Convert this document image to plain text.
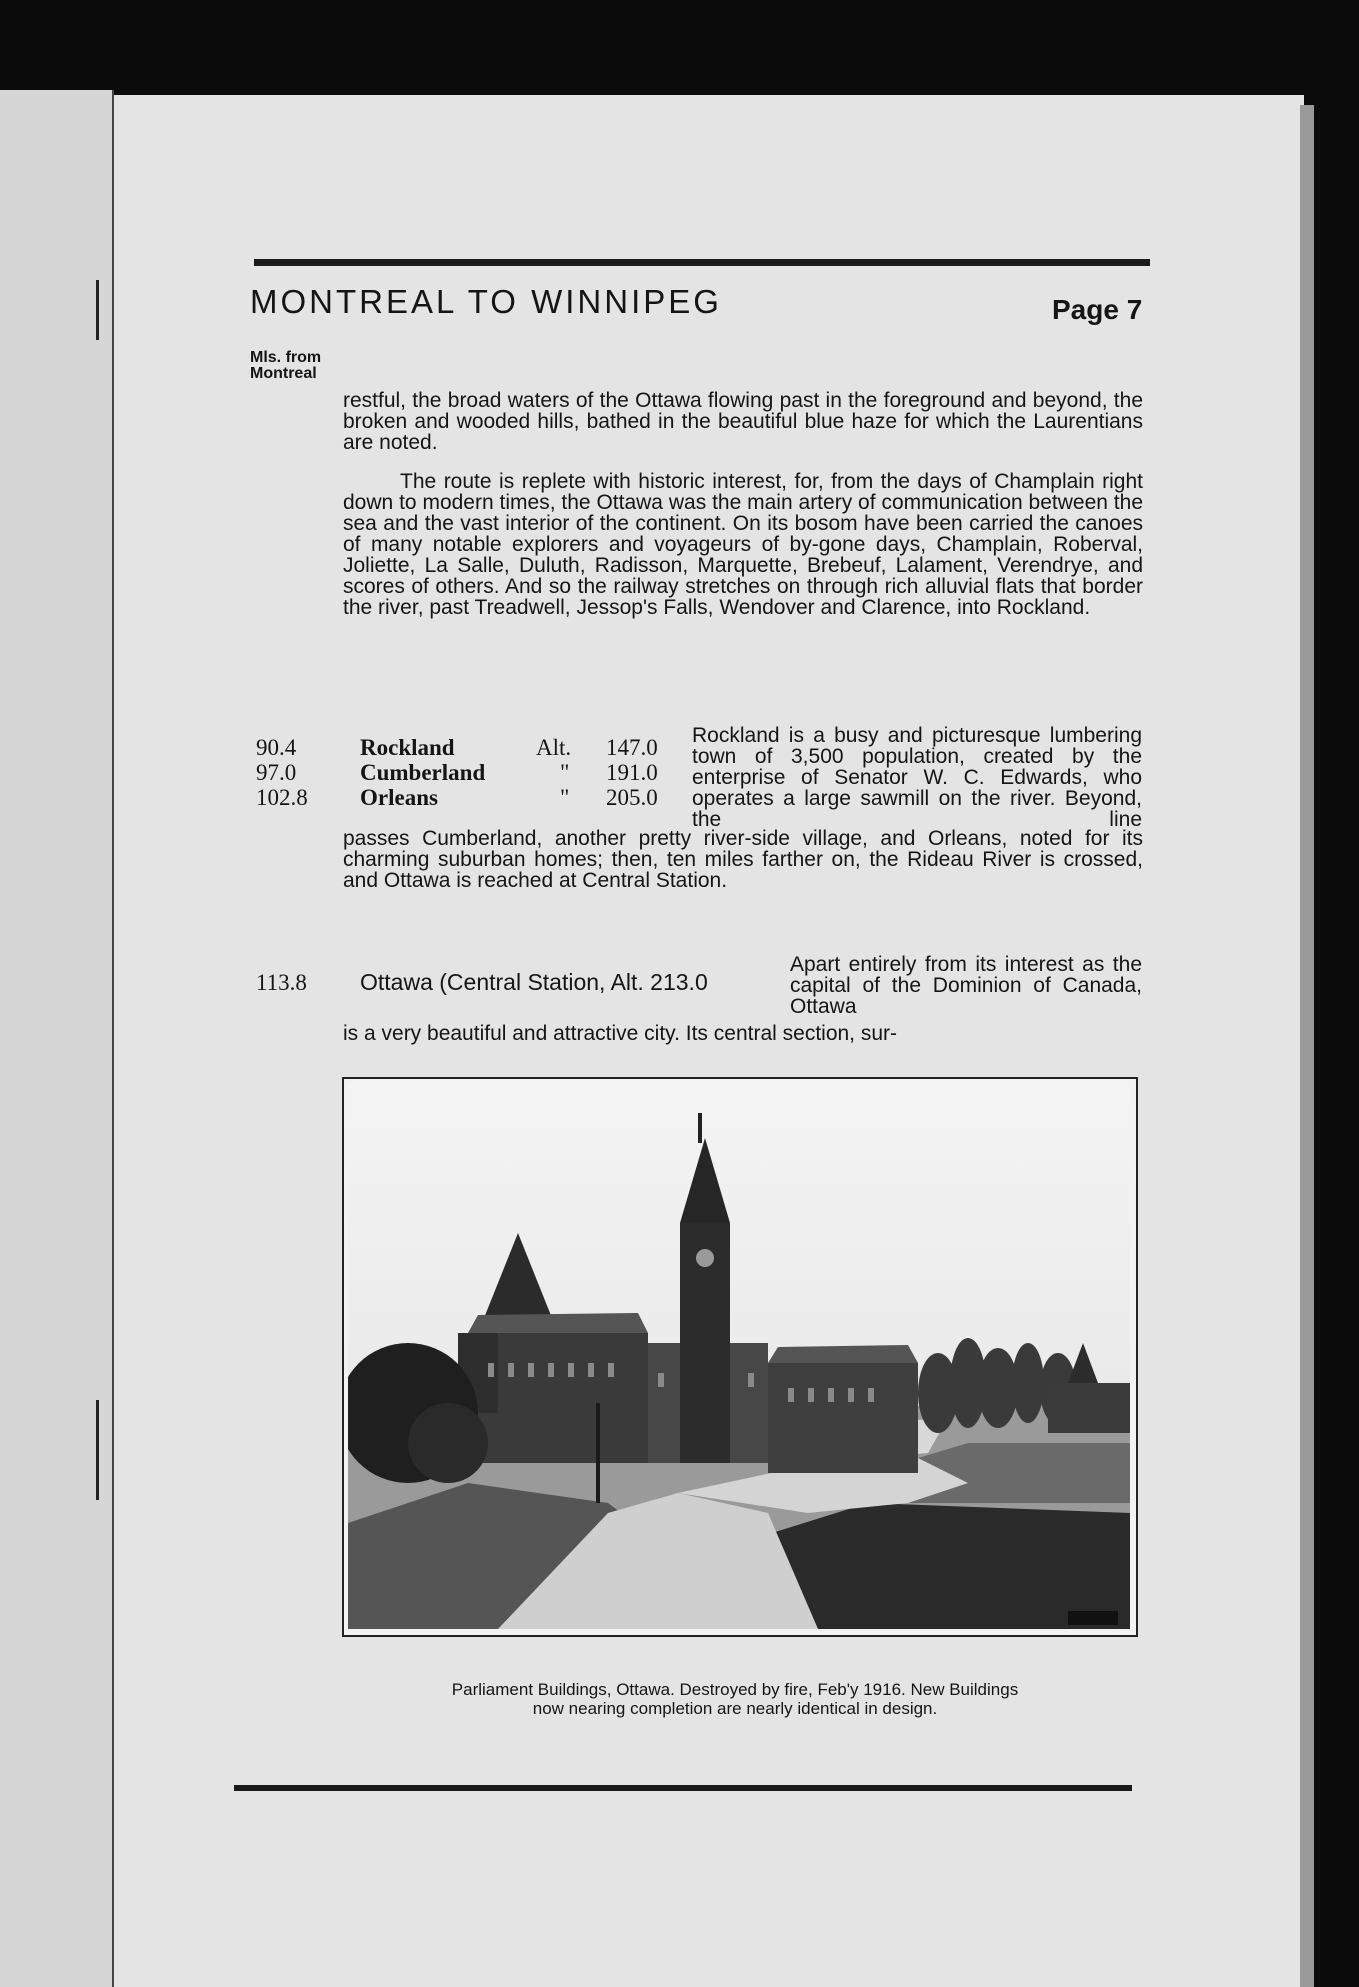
MONTREAL TO WINNIPEG	Page 7
Mls. from
Montreal
restful, the broad waters of the Ottawa flowing past in the foreground and beyond, the broken and wooded hills, bathed in the beautiful blue haze for which the Laurentians are noted.
The route is replete with historic interest, for, from the days of Champlain right down to modern times, the Ottawa was the main artery of communication between the sea and the vast interior of the continent. On its bosom have been carried the canoes of many notable explorers and voyageurs of by-gone days, Champlain, Roberval, Joliette, La Salle, Duluth, Radisson, Marquette, Brebeuf, Lalament, Verendrye, and scores of others. And so the railway stretches on through rich alluvial flats that border the river, past Treadwell, Jessop's Falls, Wendover and Clarence, into Rockland.
90.4	Rockland	Alt. 147.0
97.0	Cumberland	" 191.0
102.8	Orleans	" 205.0
Rockland is a busy and picturesque lumbering town of 3,500 population, created by the enterprise of Senator W. C. Edwards, who operates a large sawmill on the river. Beyond, the line
passes Cumberland, another pretty river-side village, and Orleans, noted for its charming suburban homes; then, ten miles farther on, the Rideau River is crossed, and Ottawa is reached at Central Station.
113.8	Ottawa (Central Station, Alt. 213.0
Apart entirely from its interest as the capital of the Dominion of Canada, Ottawa
is a very beautiful and attractive city. Its central section, sur-
Parliament Buildings, Ottawa. Destroyed by fire, Feb'y 1916. New Buildings
now nearing completion are nearly identical in design.
